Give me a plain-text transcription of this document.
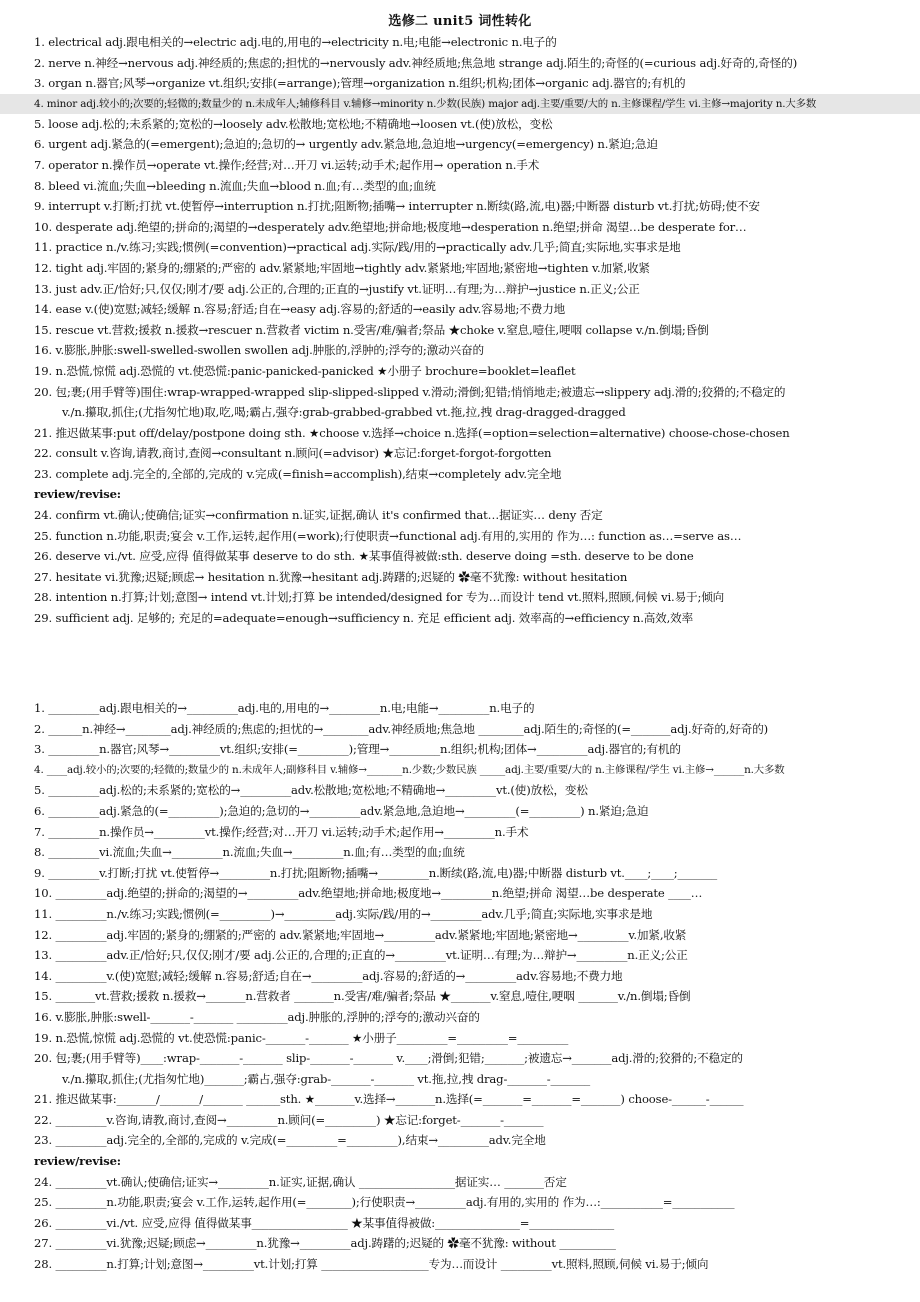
选修二 unit5 词性转化
1. electrical adj.跟电相关的→electric adj.电的,用电的→electricity n.电;电能→electronic n.电子的
2. nerve n.神经→nervous adj.神经质的;焦虑的;担忧的→nervously adv.神经质地;焦急地 strange adj.陌生的;奇怪的(=curious adj.好奇的,奇怪的)
3. organ n.器官;风琴→organize vt.组织;安排(=arrange);管理→organization n.组织;机构;团体→organic adj.器官的;有机的
4. minor adj.较小的;次要的;轻微的;数量少的 n.未成年人;辅修科目 v.辅修→minority n.少数(民族) major adj.主要/重要/大的 n.主修课程/学生 vi.主修→majority n.大多数
5. loose adj.松的;未系紧的;宽松的→loosely adv.松散地;宽松地;不精确地→loosen vt.(使)放松，变松
6. urgent adj.紧急的(=emergent);急迫的;急切的→ urgently adv.紧急地,急迫地→urgency(=emergency) n.紧迫;急迫
7. operator n.操作员→operate vt.操作;经营;对…开刀 vi.运转;动手术;起作用→ operation n.手术
8. bleed vi.流血;失血→bleeding n.流血;失血→blood n.血;有…类型的血;血统
9. interrupt v.打断;打扰 vt.使暂停→interruption n.打扰;阻断物;插嘴→ interrupter n.断续(路,流,电)器;中断器 disturb vt.打扰;妨碍;使不安
10. desperate adj.绝望的;拼命的;渴望的→desperately adv.绝望地;拼命地;极度地→desperation n.绝望;拼命 渴望…be desperate for…
11. practice n./v.练习;实践;惯例(=convention)→practical adj.实际/践/用的→practically adv.几乎;简直;实际地,实事求是地
12. tight adj.牢固的;紧身的;绷紧的;严密的 adv.紧紧地;牢固地→tightly adv.紧紧地;牢固地;紧密地→tighten v.加紧,收紧
13. just adv.正/恰好;只,仅仅;刚才/要 adj.公正的,合理的;正直的→justify vt.证明…有理;为…辩护→justice n.正义;公正
14. ease v.(使)宽慰;减轻;缓解 n.容易;舒适;自在→easy adj.容易的;舒适的→easily adv.容易地;不费力地
15. rescue vt.营救;援救 n.援救→rescuer n.营救者 victim n.受害/难/骗者;祭品 ★choke v.窒息,噎住,哽咽 collapse v./n.倒塌;昏倒
16. v.膨胀,肿胀:swell-swelled-swollen swollen adj.肿胀的,浮肿的;浮夸的;激动兴奋的
19. n.恐慌,惊慌 adj.恐慌的 vt.使恐慌:panic-panicked-panicked ★小册子 brochure=booklet=leaflet
20. 包;裹;(用手臂等)围住:wrap-wrapped-wrapped slip-slipped-slipped v.滑动;滑倒;犯错;悄悄地走;被遗忘→slippery adj.滑的;狡猾的;不稳定的
v./n.攥取,抓住;(尤指匆忙地)取,吃,喝;霸占,强夺:grab-grabbed-grabbed vt.拖,拉,拽 drag-dragged-dragged
21. 推迟做某事:put off/delay/postpone doing sth. ★choose v.选择→choice n.选择(=option=selection=alternative) choose-chose-chosen
22. consult v.咨询,请教,商讨,查阅→consultant n.顾问(=advisor) ★忘记:forget-forgot-forgotten
23. complete adj.完全的,全部的,完成的 v.完成(=finish=accomplish),结束→completely adv.完全地
review/revise:
24. confirm vt.确认;使确信;证实→confirmation n.证实,证据,确认 it's confirmed that…据证实… deny 否定
25. function n.功能,职责;宴会 v.工作,运转,起作用(=work);行使职责→functional adj.有用的,实用的 作为…: function as…=serve as…
26. deserve vi./vt. 应受,应得 值得做某事 deserve to do sth. ★某事值得被做:sth. deserve doing =sth. deserve to be done
27. hesitate vi.犹豫;迟疑;顾虑→ hesitation n.犹豫→hesitant adj.踌躇的;迟疑的 ✿毫不犹豫: without hesitation
28. intention n.打算;计划;意图→ intend vt.计划;打算 be intended/designed for 专为…而设计 tend vt.照料,照顾,伺候 vi.易于;倾向
29. sufficient adj. 足够的; 充足的=adequate=enough→sufficiency n. 充足 efficient adj. 效率高的→efficiency n.高效,效率
1. _________adj.跟电相关的→_________adj.电的,用电的→_________n.电;电能→_________n.电子的
2. ______n.神经→________adj.神经质的;焦虑的;担忧的→________adv.神经质地;焦急地 ________adj.陌生的;奇怪的(=_______adj.好奇的,好奇的)
3. _________n.器官;风琴→_________vt.组织;安排(=_________);管理→_________n.组织;机构;团体→_________adj.器官的;有机的
4. ____adj.较小的;次要的;轻微的;数量少的 n.未成年人;副修科目 v.辅修→_______n.少数;少数民族 _____adj.主要/重要/大的 n.主修课程/学生 vi.主修→______n.大多数
5. _________adj.松的;未系紧的;宽松的→_________adv.松散地;宽松地;不精确地→_________vt.(使)放松，变松
6. _________adj.紧急的(=_________);急迫的;急切的→_________adv.紧急地,急迫地→_________(=_________) n.紧迫;急迫
7. _________n.操作员→_________vt.操作;经营;对…开刀 vi.运转;动手术;起作用→_________n.手术
8. _________vi.流血;失血→_________n.流血;失血→_________n.血;有…类型的血;血统
9. _________v.打断;打扰 vt.使暂停→_________n.打扰;阻断物;插嘴→_________n.断续(路,流,电)器;中断器 disturb vt.____;____;_______
10. _________adj.绝望的;拼命的;渴望的→_________adv.绝望地;拼命地;极度地→_________n.绝望;拼命 渴望…be desperate ____…
11. _________n./v.练习;实践;惯例(=_________)→_________adj.实际/践/用的→_________adv.几乎;简直;实际地,实事求是地
12. _________adj.牢固的;紧身的;绷紧的;严密的 adv.紧紧地;牢固地→_________adv.紧紧地;牢固地;紧密地→_________v.加紧,收紧
13. _________adv.正/恰好;只,仅仅;刚才/要 adj.公正的,合理的;正直的→_________vt.证明…有理;为…辩护→_________n.正义;公正
14. _________v.(使)宽慰;减轻;缓解 n.容易;舒适;自在→_________adj.容易的;舒适的→_________adv.容易地;不费力地
15. _______vt.营救;援救 n.援救→_______n.营救者 _______n.受害/难/骗者;祭品 ★_______v.窒息,噎住,哽咽 _______v./n.倒塌;昏倒
16. v.膨胀,肿胀:swell-_______-_______ _________adj.肿胀的,浮肿的;浮夸的;激动兴奋的
19. n.恐慌,惊慌 adj.恐慌的 vt.使恐慌:panic-_______-_______ ★小册子_________=_________=_________
20. 包;裹;(用手臂等)____:wrap-_______-_______ slip-_______-_______ v.____;滑倒;犯错;_______;被遗忘→_______adj.滑的;狡猾的;不稳定的
v./n.攥取,抓住;(尤指匆忙地)_______;霸占,强夺:grab-_______-_______ vt.拖,拉,拽 drag-_______-_______
21. 推迟做某事:_______/_______/_______ ______sth. ★_______v.选择→_______n.选择(=_______=_______=_______) choose-______-______
22. _________v.咨询,请教,商讨,查阅→_________n.顾问(=_________) ★忘记:forget-_______-_______
23. _________adj.完全的,全部的,完成的 v.完成(=_________=_________),结束→_________adv.完全地
review/revise:
24. _________vt.确认;使确信;证实→_________n.证实,证据,确认 _________________据证实… _______否定
25. _________n.功能,职责;宴会 v.工作,运转,起作用(=________);行使职责→_________adj.有用的,实用的 作为…:___________=___________
26. _________vi./vt. 应受,应得 值得做某事_________________ ★某事值得被做:_______________=_______________
27. _________vi.犹豫;迟疑;顾虑→_________n.犹豫→_________adj.踌躇的;迟疑的 ✿毫不犹豫: without __________
28. _________n.打算;计划;意图→_________vt.计划;打算 ___________________专为…而设计 _________vt.照料,照顾,伺候 vi.易于;倾向
